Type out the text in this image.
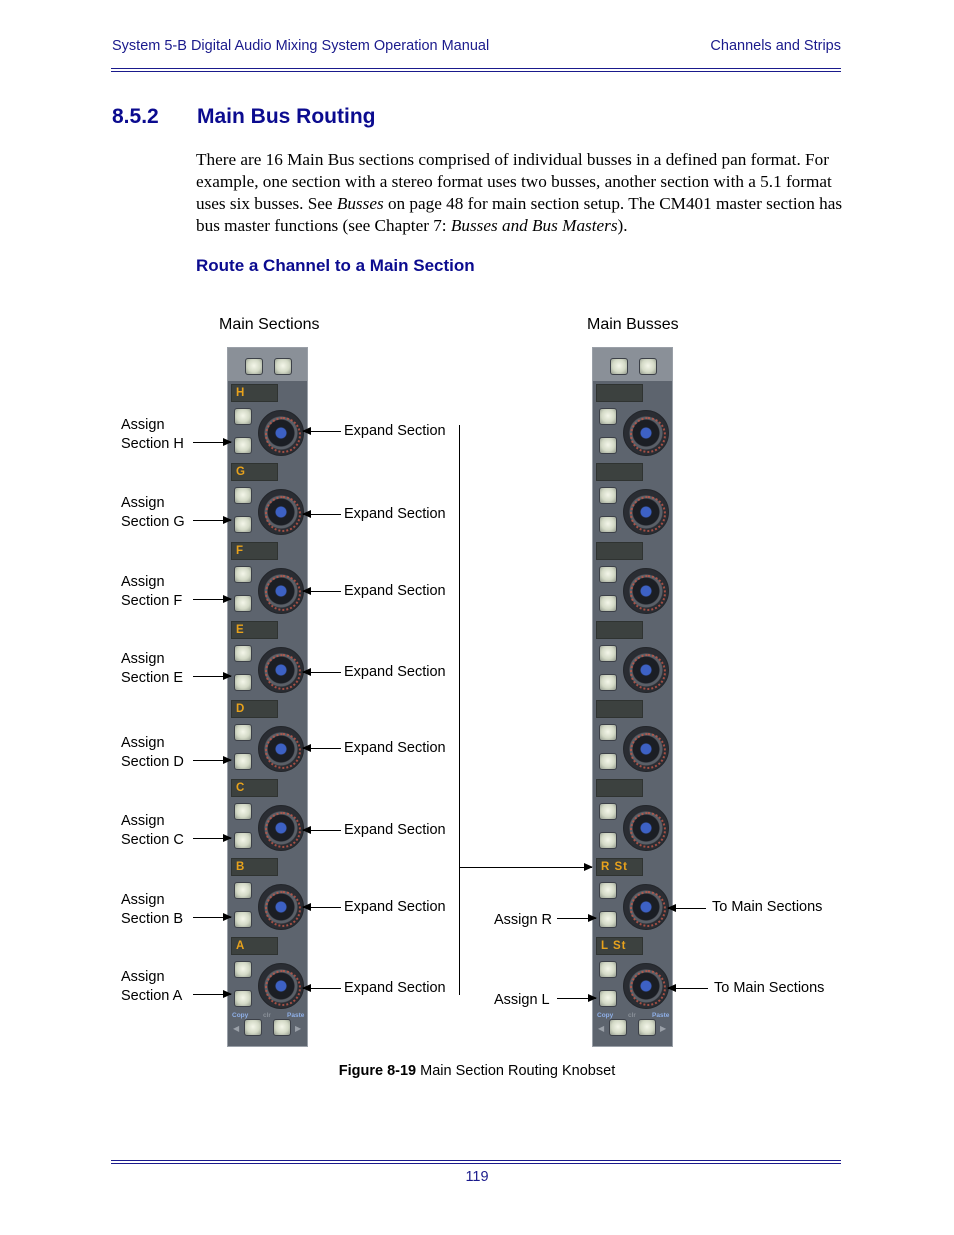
System 5-B Digital Audio Mixing System Operation Manual	Channels and Strips
8.5.2 Main Bus Routing
There are 16 Main Bus sections comprised of individual busses in a defined pan format. For example, one section with a stereo format uses two busses, another section with a 5.1 format uses six busses. See Busses on page 48 for main section setup. The CM401 master section has bus master functions (see Chapter 7: Busses and Bus Masters).
Route a Channel to a Main Section
Main Sections	Main Busses
Copy clr Paste
◀	▶
H
G
F
E
D
C
B
A
Copy clr Paste
◀	▶
R St
L St
Assign
Section H
Expand Section
Assign
Section G	Expand Section
Assign
Section F
Expand Section
Assign
Section E	Expand Section
Assign
Section D
Expand Section
Assign
Section C
Expand Section
Assign
Section B
Expand Section
Assign
Section A	Expand Section
Assign R
Assign L
To Main Sections
To Main Sections
Figure 8-19 Main Section Routing Knobset
119
